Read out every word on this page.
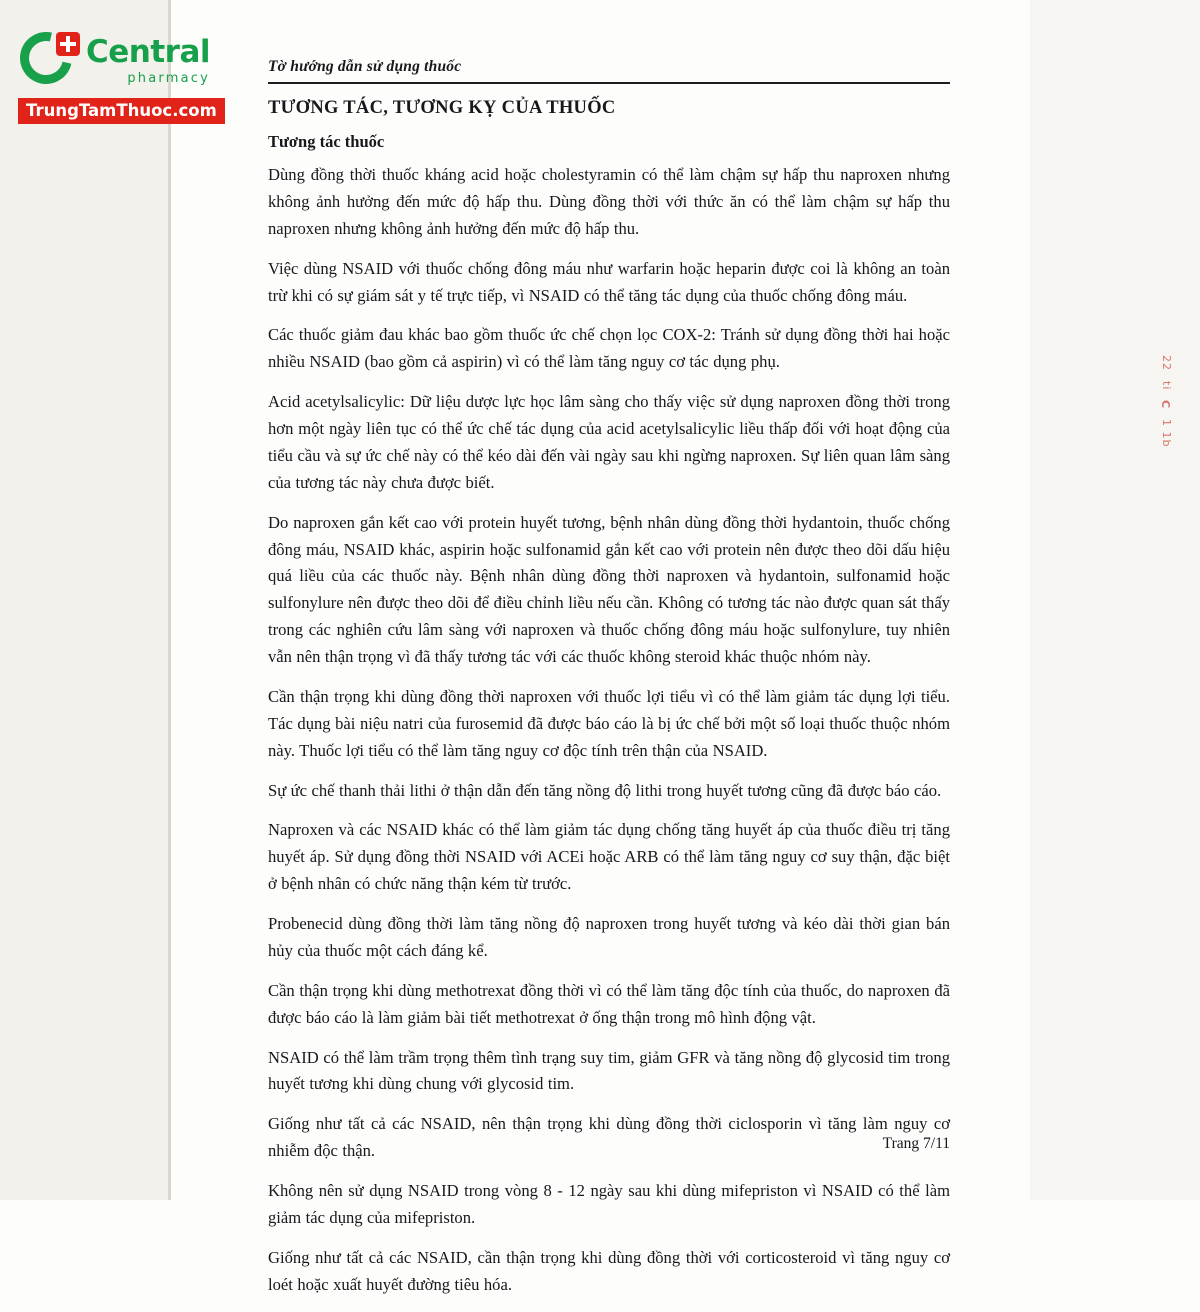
Central
pharmacy
TrungTamThuoc.com
Tờ hướng dẫn sử dụng thuốc
TƯƠNG TÁC, TƯƠNG KỴ CỦA THUỐC
Tương tác thuốc

Dùng đồng thời thuốc kháng acid hoặc cholestyramin có thể làm chậm sự hấp thu naproxen nhưng không ảnh hưởng đến mức độ hấp thu. Dùng đồng thời với thức ăn có thể làm chậm sự hấp thu naproxen nhưng không ảnh hưởng đến mức độ hấp thu.

Việc dùng NSAID với thuốc chống đông máu như warfarin hoặc heparin được coi là không an toàn trừ khi có sự giám sát y tế trực tiếp, vì NSAID có thể tăng tác dụng của thuốc chống đông máu.

Các thuốc giảm đau khác bao gồm thuốc ức chế chọn lọc COX-2: Tránh sử dụng đồng thời hai hoặc nhiều NSAID (bao gồm cả aspirin) vì có thể làm tăng nguy cơ tác dụng phụ.

Acid acetylsalicylic: Dữ liệu dược lực học lâm sàng cho thấy việc sử dụng naproxen đồng thời trong hơn một ngày liên tục có thể ức chế tác dụng của acid acetylsalicylic liều thấp đối với hoạt động của tiểu cầu và sự ức chế này có thể kéo dài đến vài ngày sau khi ngừng naproxen. Sự liên quan lâm sàng của tương tác này chưa được biết.

Do naproxen gắn kết cao với protein huyết tương, bệnh nhân dùng đồng thời hydantoin, thuốc chống đông máu, NSAID khác, aspirin hoặc sulfonamid gắn kết cao với protein nên được theo dõi dấu hiệu quá liều của các thuốc này. Bệnh nhân dùng đồng thời naproxen và hydantoin, sulfonamid hoặc sulfonylure nên được theo dõi để điều chỉnh liều nếu cần. Không có tương tác nào được quan sát thấy trong các nghiên cứu lâm sàng với naproxen và thuốc chống đông máu hoặc sulfonylure, tuy nhiên vẫn nên thận trọng vì đã thấy tương tác với các thuốc không steroid khác thuộc nhóm này.

Cần thận trọng khi dùng đồng thời naproxen với thuốc lợi tiểu vì có thể làm giảm tác dụng lợi tiểu. Tác dụng bài niệu natri của furosemid đã được báo cáo là bị ức chế bởi một số loại thuốc thuộc nhóm này. Thuốc lợi tiểu có thể làm tăng nguy cơ độc tính trên thận của NSAID.

Sự ức chế thanh thải lithi ở thận dẫn đến tăng nồng độ lithi trong huyết tương cũng đã được báo cáo.

Naproxen và các NSAID khác có thể làm giảm tác dụng chống tăng huyết áp của thuốc điều trị tăng huyết áp. Sử dụng đồng thời NSAID với ACEi hoặc ARB có thể làm tăng nguy cơ suy thận, đặc biệt ở bệnh nhân có chức năng thận kém từ trước.

Probenecid dùng đồng thời làm tăng nồng độ naproxen trong huyết tương và kéo dài thời gian bán hủy của thuốc một cách đáng kể.

Cần thận trọng khi dùng methotrexat đồng thời vì có thể làm tăng độc tính của thuốc, do naproxen đã được báo cáo là làm giảm bài tiết methotrexat ở ống thận trong mô hình động vật.

NSAID có thể làm trầm trọng thêm tình trạng suy tim, giảm GFR và tăng nồng độ glycosid tim trong huyết tương khi dùng chung với glycosid tim.

Giống như tất cả các NSAID, nên thận trọng khi dùng đồng thời ciclosporin vì tăng làm nguy cơ nhiễm độc thận.

Không nên sử dụng NSAID trong vòng 8 - 12 ngày sau khi dùng mifepriston vì NSAID có thể làm giảm tác dụng của mifepriston.

Giống như tất cả các NSAID, cần thận trọng khi dùng đồng thời với corticosteroid vì tăng nguy cơ loét hoặc xuất huyết đường tiêu hóa.

Trang 7/11
22
ti
C
1 1b
